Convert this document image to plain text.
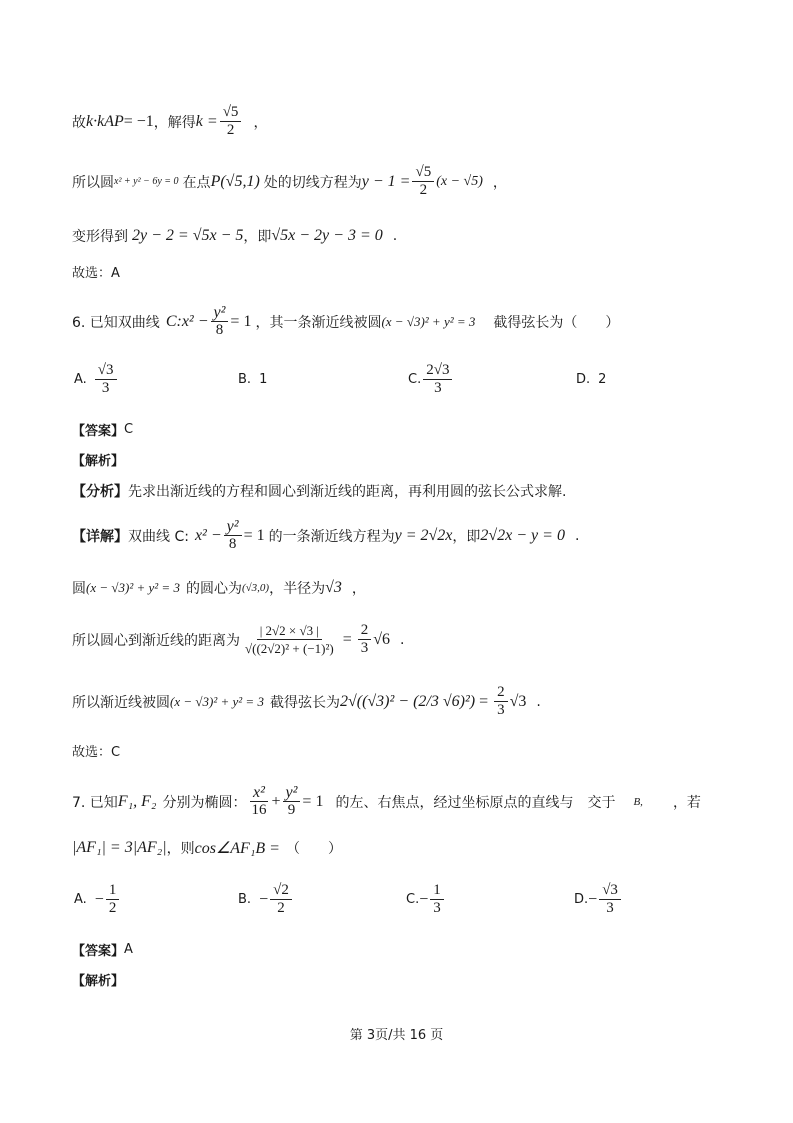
故 k·k AP = −1 ，解得 $k = \frac{√5}{2}$ ，
所以圆 x² + y² − 6y = 0 在点 P(√5,1) 处的切线方程为 $y - 1 = \frac{√5}{2} (x - √5)$ ，
变形得到 2y − 2 = √5x − 5 ，即 √5x − 2y − 3 = 0 .
故选：A
6. 已知双曲线 C:x² − $\frac{\text{y²}}{8} = 1$ ，其一条渐近线被圆 (x − √3)² + y² = 3 截得弦长为（　　）
A. $\frac{√3}{3}$	B. 1	C. $\frac{2√3}{3}$	D. 2
【答案】 C
【解析】
【分析】 先求出渐近线的方程和圆心到渐近线的距离，再利用圆的弦长公式求解.
【详解】 双曲线 C: $x^2 - \frac{\text{y²}}{8} = 1$ 的一条渐近线方程为 y = 2√2x ，即 2√2x − y = 0 .
圆 (x − √3)² + y² = 3 的圆心为 (√3,0) ，半径为 √3 ，
所以圆心到渐近线的距离为 $\frac{| 2√2 \times √3 |}{\text{√((2√2)² + (−1)²)}} = \frac{2}{3} √6$ .
所以渐近线被圆 (x − √3)² + y² = 3 截得弦长为 2√((√3)² − (2/3 $√6)^2) = \frac{2}{3} √3$ .
故选：C
7. 已知 F₁, F₂ 分别为椭圆： $\frac{\text{x²}}{16} + \frac{\text{y²}}{9} = 1$ 的左、右焦点，经过坐标原点的直线与 交于 B, ，若
|AF₁| = 3|AF₂| ，则 cos∠AF₁B = （　　）
A. − $\frac{1}{2}$	B. − $\frac{√2}{2}$	C. − $\frac{1}{3}$	D. − $\frac{√3}{3}$
【答案】 A
【解析】
第 3页/共 16 页
